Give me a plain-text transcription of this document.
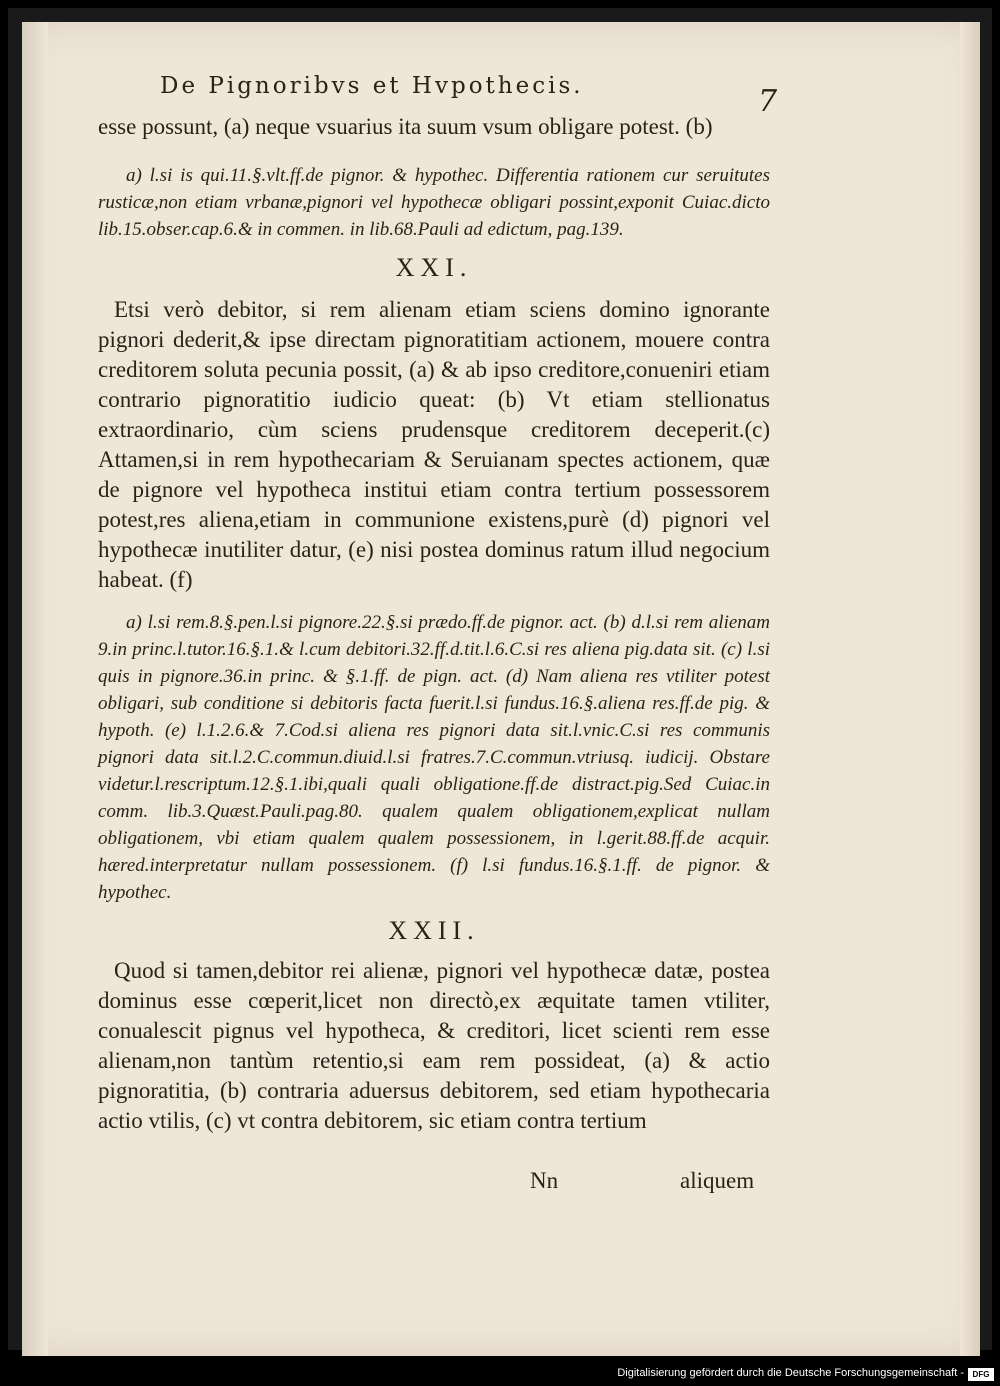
De Pignoribvs et Hvpothecis.	7

esse possunt, (a) neque vsuarius ita suum vsum obligare potest. (b)

a) l.si is qui.11.§.vlt.ff.de pignor. & hypothec. Differentia rationem cur seruitutes rusticæ,non etiam vrbanæ,pignori vel hypothecæ obligari possint,exponit Cuiac.dicto lib.15.obser.cap.6.& in commen. in lib.68.Pauli ad edictum, pag.139.

XXI.

Etsi verò debitor, si rem alienam etiam sciens domino ignorante pignori dederit,& ipse directam pignoratitiam actionem, mouere contra creditorem soluta pecunia possit, (a) & ab ipso creditore,conueniri etiam contrario pignoratitio iudicio queat: (b) Vt etiam stellionatus extraordinario, cùm sciens prudensque creditorem deceperit.(c) Attamen,si in rem hypothecariam & Seruianam spectes actionem, quæ de pignore vel hypotheca institui etiam contra tertium possessorem potest,res aliena,etiam in communione existens,purè (d) pignori vel hypothecæ inutiliter datur, (e) nisi postea dominus ratum illud negocium habeat. (f)

a) l.si rem.8.§.pen.l.si pignore.22.§.si prædo.ff.de pignor. act. (b) d.l.si rem alienam 9.in princ.l.tutor.16.§.1.& l.cum debitori.32.ff.d.tit.l.6.C.si res aliena pig.data sit. (c) l.si quis in pignore.36.in princ. & §.1.ff. de pign. act. (d) Nam aliena res vtiliter potest obligari, sub conditione si debitoris facta fuerit.l.si fundus.16.§.aliena res.ff.de pig. & hypoth. (e) l.1.2.6.& 7.Cod.si aliena res pignori data sit.l.vnic.C.si res communis pignori data sit.l.2.C.commun.diuid.l.si fratres.7.C.commun.vtriusq. iudicij. Obstare videtur.l.rescriptum.12.§.1.ibi,quali quali obligatione.ff.de distract.pig.Sed Cuiac.in comm. lib.3.Quæst.Pauli.pag.80. qualem qualem obligationem,explicat nullam obligationem, vbi etiam qualem qualem possessionem, in l.gerit.88.ff.de acquir. hæred.interpretatur nullam possessionem. (f) l.si fundus.16.§.1.ff. de pignor. & hypothec.

XXII.

Quod si tamen,debitor rei alienæ, pignori vel hypothecæ datæ, postea dominus esse cœperit,licet non directò,ex æquitate tamen vtiliter, conualescit pignus vel hypotheca, & creditori, licet scienti rem esse alienam,non tantùm retentio,si eam rem possideat, (a) & actio pignoratitia, (b) contraria aduersus debitorem, sed etiam hypothecaria actio vtilis, (c) vt contra debitorem, sic etiam contra tertium

Nn	aliquem
Digitalisierung gefördert durch die Deutsche Forschungsgemeinschaft -	DFG
